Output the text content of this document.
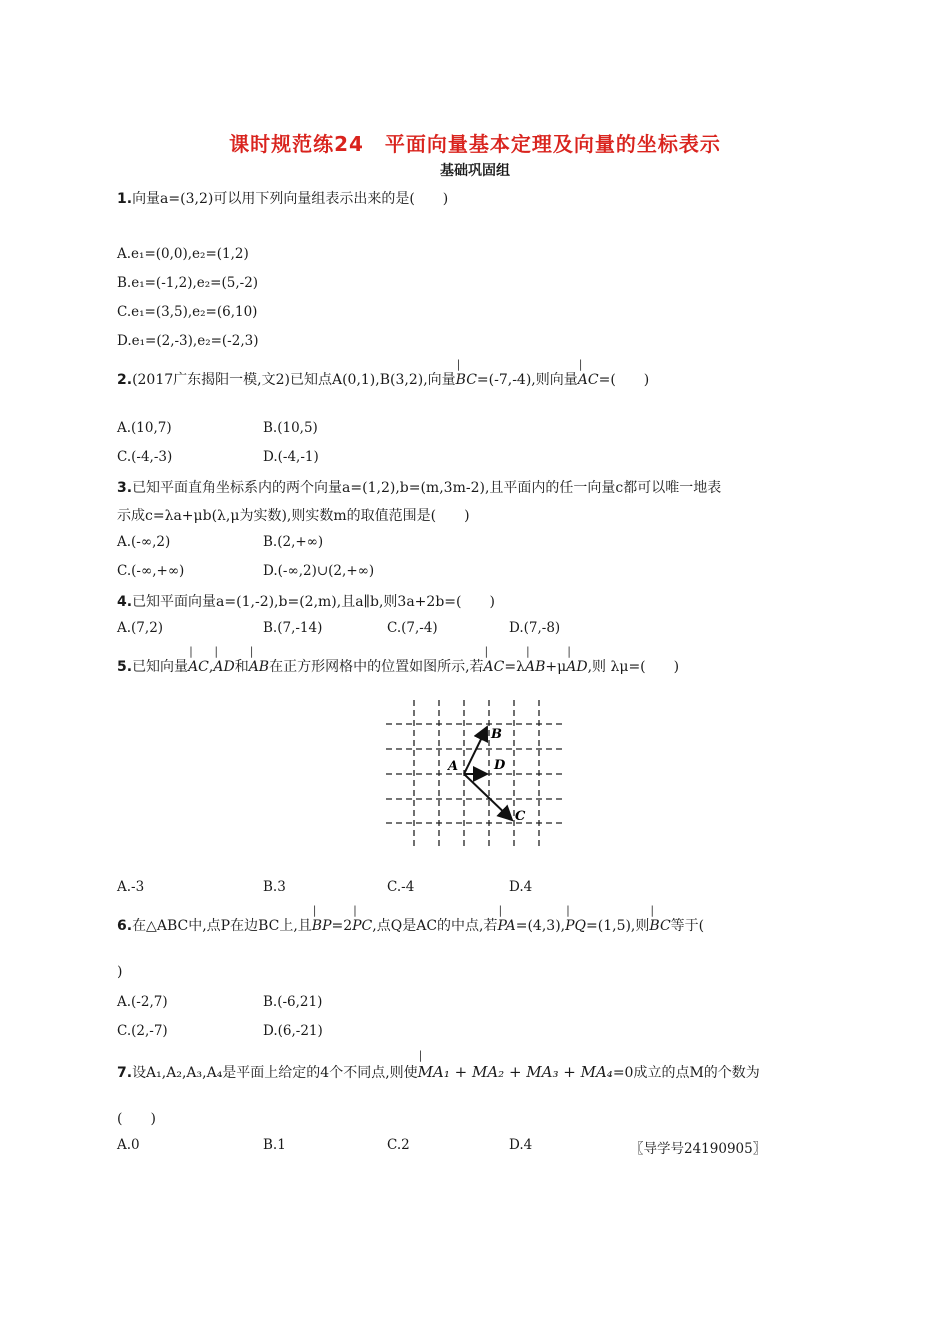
课时规范练24　平面向量基本定理及向量的坐标表示
基础巩固组
1.向量a=(3,2)可以用下列向量组表示出来的是(　　)
A.e₁=(0,0),e₂=(1,2)
B.e₁=(-1,2),e₂=(5,-2)
C.e₁=(3,5),e₂=(6,10)
D.e₁=(2,-3),e₂=(-2,3)
2.(2017广东揭阳一模,文2)已知点A(0,1),B(3,2),向量| BC=(-7,-4),则向量| AC=(　　)
A.(10,7)	B.(10,5)
C.(-4,-3)	D.(-4,-1)
3.已知平面直角坐标系内的两个向量a=(1,2),b=(m,3m-2),且平面内的任一向量c都可以唯一地表
示成c=λa+μb(λ,μ为实数),则实数m的取值范围是(　　)
A.(-∞,2)	B.(2,+∞)
C.(-∞,+∞)	D.(-∞,2)∪(2,+∞)
4.已知平面向量a=(1,-2),b=(2,m),且a∥b,则3a+2b=(　　)
A.(7,2)	B.(7,-14)	C.(7,-4)	D.(7,-8)
5.已知向量| AC,| AD和| AB在正方形网格中的位置如图所示,若| AC=λ| AB+μ| AD,则 λμ=(　　)
A
B
C
D
A.-3	B.3	C.-4	D.4
6.在△ABC中,点P在边BC上,且| BP=2| PC,点Q是AC的中点,若| PA=(4,3),| PQ=(1,5),则| BC等于(
)
A.(-2,7)	B.(-6,21)
C.(2,-7)	D.(6,-21)
7.设A₁,A₂,A₃,A₄是平面上给定的4个不同点,则使| MA₁ + MA₂ + MA₃ + MA₄=0成立的点M的个数为
(　　)
A.0	B.1	C.2	D.4	〖导学号24190905〗
